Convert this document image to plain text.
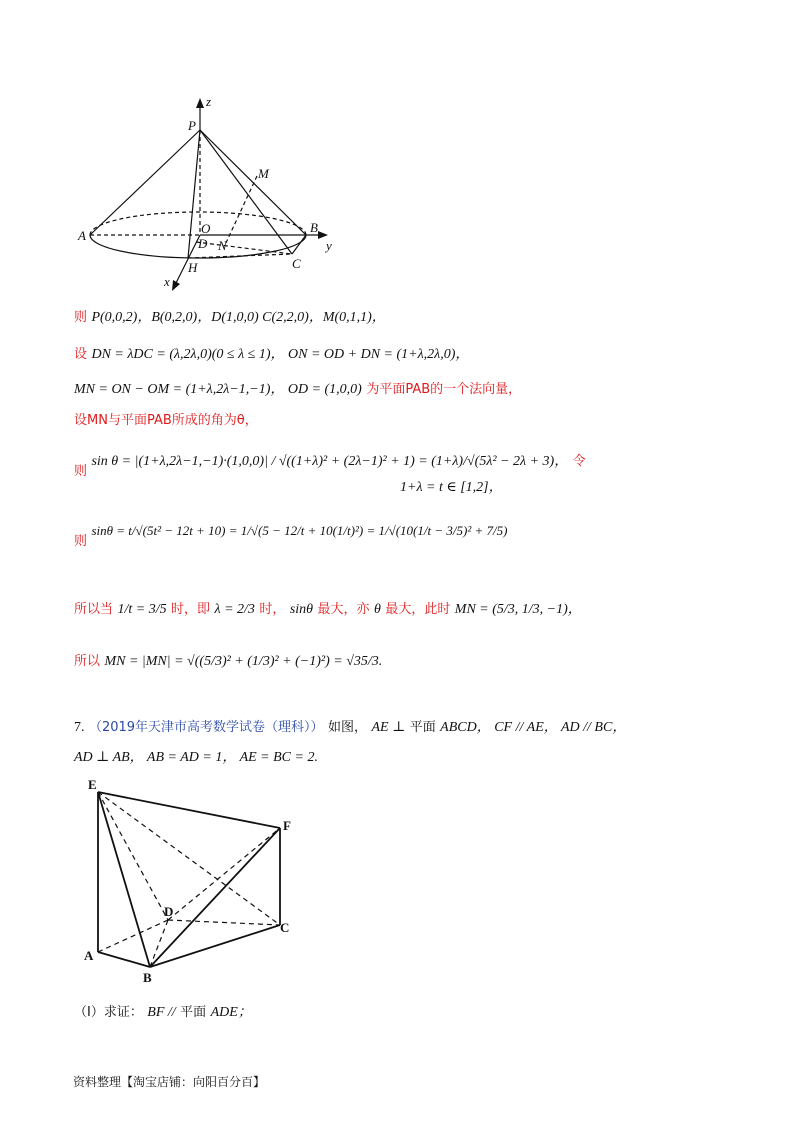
z
P
M
A	O
D N
B
y
x
H	C
则 P(0,0,2)，B(0,2,0)，D(1,0,0) C(2,2,0)，M(0,1,1)，
设 DN = λDC = (λ,2λ,0)(0 ≤ λ ≤ 1)， ON = OD + DN = (1+λ,2λ,0)，
MN = ON − OM = (1+λ,2λ−1,−1)， OD = (1,0,0) 为平面PAB的一个法向量，
设MN与平面PAB所成的角为θ，
则 sin θ = |(1+λ,2λ−1,−1)·(1,0,0)| / √((1+λ)² + (2λ−1)² + 1) = (1+λ)/√(5λ² − 2λ + 3)， 令
1+λ = t ∈ [1,2]，
则 sinθ = t/√(5t² − 12t + 10) = 1/√(5 − 12/t + 10(1/t)²) = 1/√(10(1/t − 3/5)² + 7/5)
所以当 1/t = 3/5 时，即 λ = 2/3 时， sinθ 最大，亦 θ 最大，此时 MN = (5/3, 1/3, −1)，
所以 MN = |MN| = √((5/3)² + (1/3)² + (−1)²) = √35/3.
7. （2019年天津市高考数学试卷（理科）） 如图， AE ⊥ 平面 ABCD， CF // AE， AD // BC，
AD ⊥ AB， AB = AD = 1， AE = BC = 2.
E
F
D
C
A
B
（Ⅰ）求证： BF // 平面 ADE；
资料整理【淘宝店铺：向阳百分百】
